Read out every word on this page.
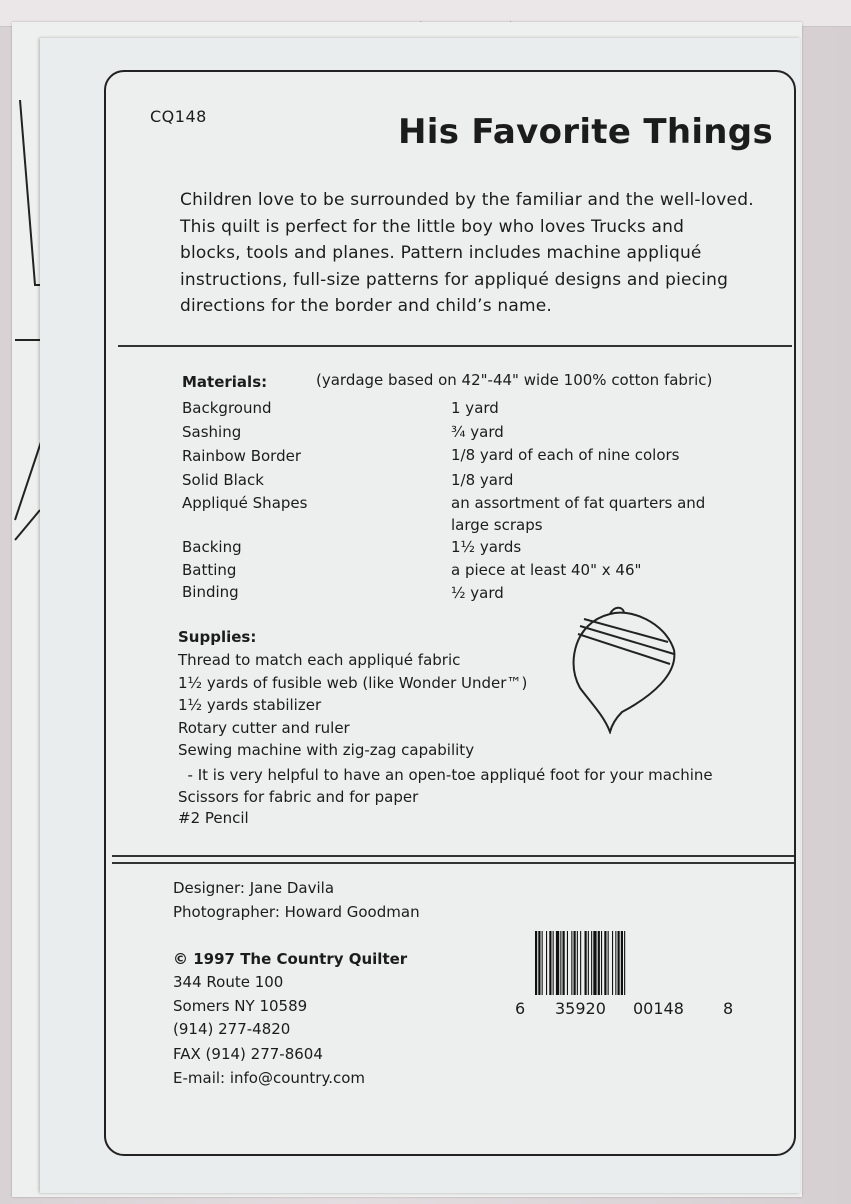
CQ148	His Favorite Things
Children love to be surrounded by the familiar and the well-loved.
This quilt is perfect for the little boy who loves Trucks and
blocks, tools and planes. Pattern includes machine appliqué
instructions, full-size patterns for appliqué designs and piecing
directions for the border and child’s name.
Materials:	(yardage based on 42"-44" wide 100% cotton fabric)
Background	1 yard
Sashing	¾ yard
Rainbow Border	1/8 yard of each of nine colors
Solid Black	1/8 yard
Appliqué Shapes	an assortment of fat quarters and
large scraps
Backing	1½ yards
Batting	a piece at least 40" x 46"
Binding	½ yard
Supplies:
Thread to match each appliqué fabric
1½ yards of fusible web (like Wonder Under™)
1½ yards stabilizer
Rotary cutter and ruler
Sewing machine with zig-zag capability
- It is very helpful to have an open-toe appliqué foot for your machine
Scissors for fabric and for paper
#2 Pencil
Designer: Jane Davila
Photographer: Howard Goodman
© 1997 The Country Quilter
344 Route 100
Somers NY 10589
(914) 277-4820
FAX (914) 277-8604
E-mail: info@country.com
6 35920 00148 8
